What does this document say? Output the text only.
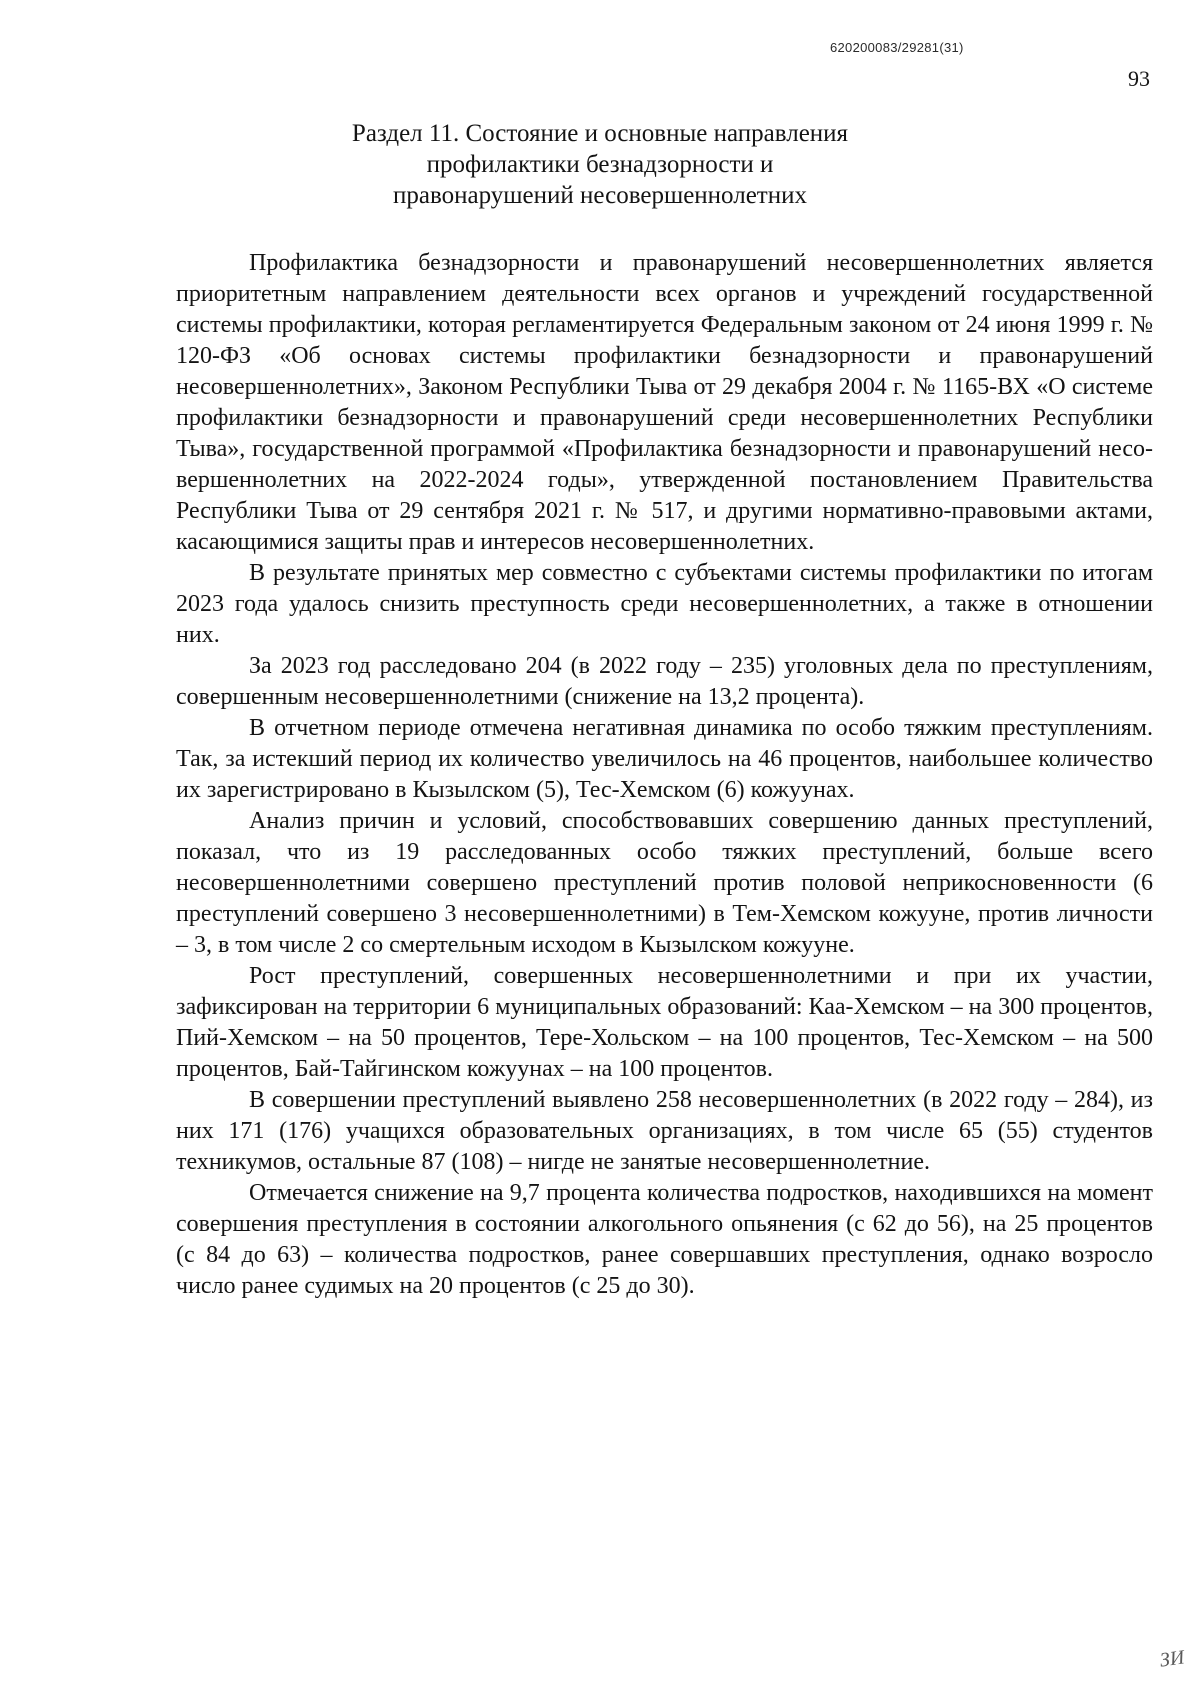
620200083/29281(31)
93
Раздел 11. Состояние и основные направления
профилактики безнадзорности и
правонарушений несовершеннолетних

Профилактика безнадзорности и правонарушений несовершеннолетних является приоритетным направлением деятельности всех органов и учреждений государственной системы профилактики, которая регламентируется Федеральным законом от 24 июня 1999 г. № 120-ФЗ «Об основах системы профилактики безнадзорности и правонарушений несовершеннолетних», Законом Республики Тыва от 29 декабря 2004 г. № 1165-ВХ «О системе профилактики безнадзорности и правонарушений среди несовершеннолетних Республики Тыва», государственной программой «Профилактика безнадзорности и правонарушений несовершеннолетних на 2022-2024 годы», утвержденной постановлением Правительства Республики Тыва от 29 сентября 2021 г. № 517, и другими нормативно-правовыми актами, касающимися защиты прав и интересов несовершеннолетних.

В результате принятых мер совместно с субъектами системы профилактики по итогам 2023 года удалось снизить преступность среди несовершеннолетних, а также в отношении них.

За 2023 год расследовано 204 (в 2022 году – 235) уголовных дела по преступлениям, совершенным несовершеннолетними (снижение на 13,2 процента).

В отчетном периоде отмечена негативная динамика по особо тяжким преступлениям. Так, за истекший период их количество увеличилось на 46 процентов, наибольшее количество их зарегистрировано в Кызылском (5), Тес-Хемском (6) кожуунах.

Анализ причин и условий, способствовавших совершению данных преступлений, показал, что из 19 расследованных особо тяжких преступлений, больше всего несовершеннолетними совершено преступлений против половой неприкосновенности (6 преступлений совершено 3 несовершеннолетними) в Тем-Хемском кожууне, против личности – 3, в том числе 2 со смертельным исходом в Кызылском кожууне.

Рост преступлений, совершенных несовершеннолетними и при их участии, зафиксирован на территории 6 муниципальных образований: Каа-Хемском – на 300 процентов, Пий-Хемском – на 50 процентов, Тере-Хольском – на 100 процентов, Тес-Хемском – на 500 процентов, Бай-Тайгинском кожуунах – на 100 процентов.

В совершении преступлений выявлено 258 несовершеннолетних (в 2022 году – 284), из них 171 (176) учащихся образовательных организациях, в том числе 65 (55) студентов техникумов, остальные 87 (108) – нигде не занятые несовершеннолетние.

Отмечается снижение на 9,7 процента количества подростков, находившихся на момент совершения преступления в состоянии алкогольного опьянения (с 62 до 56), на 25 процентов (с 84 до 63) – количества подростков, ранее совершавших преступления, однако возросло число ранее судимых на 20 процентов (с 25 до 30).

ЗИ
